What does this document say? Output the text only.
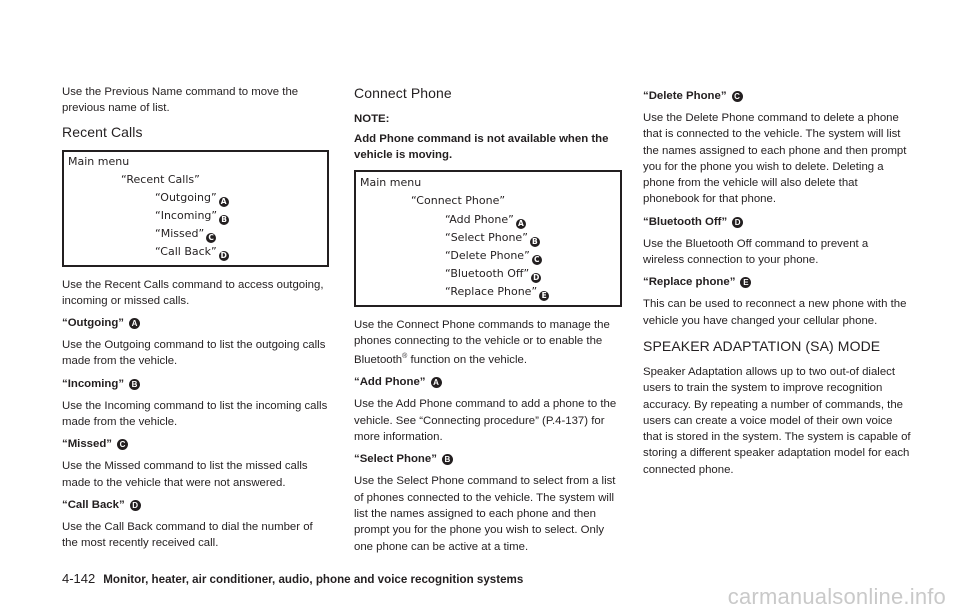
Use the Previous Name command to move the previous name of list.

Recent Calls
Main menu
“Recent Calls”
“Outgoing” A
“Incoming” B
“Missed” C
“Call Back” D

Use the Recent Calls command to access outgoing, incoming or missed calls.

“Outgoing” A

Use the Outgoing command to list the outgoing calls made from the vehicle.

“Incoming” B

Use the Incoming command to list the incoming calls made from the vehicle.

“Missed” C

Use the Missed command to list the missed calls made to the vehicle that were not answered.

“Call Back” D

Use the Call Back command to dial the number of the most recently received call.

Connect Phone
NOTE:

Add Phone command is not available when the vehicle is moving.

Main menu
“Connect Phone”
“Add Phone” A
“Select Phone” B
“Delete Phone” C
“Bluetooth Off” D
“Replace Phone” E

Use the Connect Phone commands to manage the phones connecting to the vehicle or to enable the Bluetooth® function on the vehicle.

“Add Phone” A

Use the Add Phone command to add a phone to the vehicle. See “Connecting procedure” (P.4-137) for more information.

“Select Phone” B

Use the Select Phone command to select from a list of phones connected to the vehicle. The system will list the names assigned to each phone and then prompt you for the phone you wish to select. Only one phone can be active at a time.

“Delete Phone” C

Use the Delete Phone command to delete a phone that is connected to the vehicle. The system will list the names assigned to each phone and then prompt you for the phone you wish to delete. Deleting a phone from the vehicle will also delete that phonebook for that phone.

“Bluetooth Off” D

Use the Bluetooth Off command to prevent a wireless connection to your phone.

“Replace phone” E

This can be used to reconnect a new phone with the vehicle you have changed your cellular phone.

SPEAKER ADAPTATION (SA) MODE

Speaker Adaptation allows up to two out-of dialect users to train the system to improve recognition accuracy. By repeating a number of commands, the users can create a voice model of their own voice that is stored in the system. The system is capable of storing a different speaker adaptation model for each connected phone.

4-142 Monitor, heater, air conditioner, audio, phone and voice recognition systems
carmanualsonline.info
